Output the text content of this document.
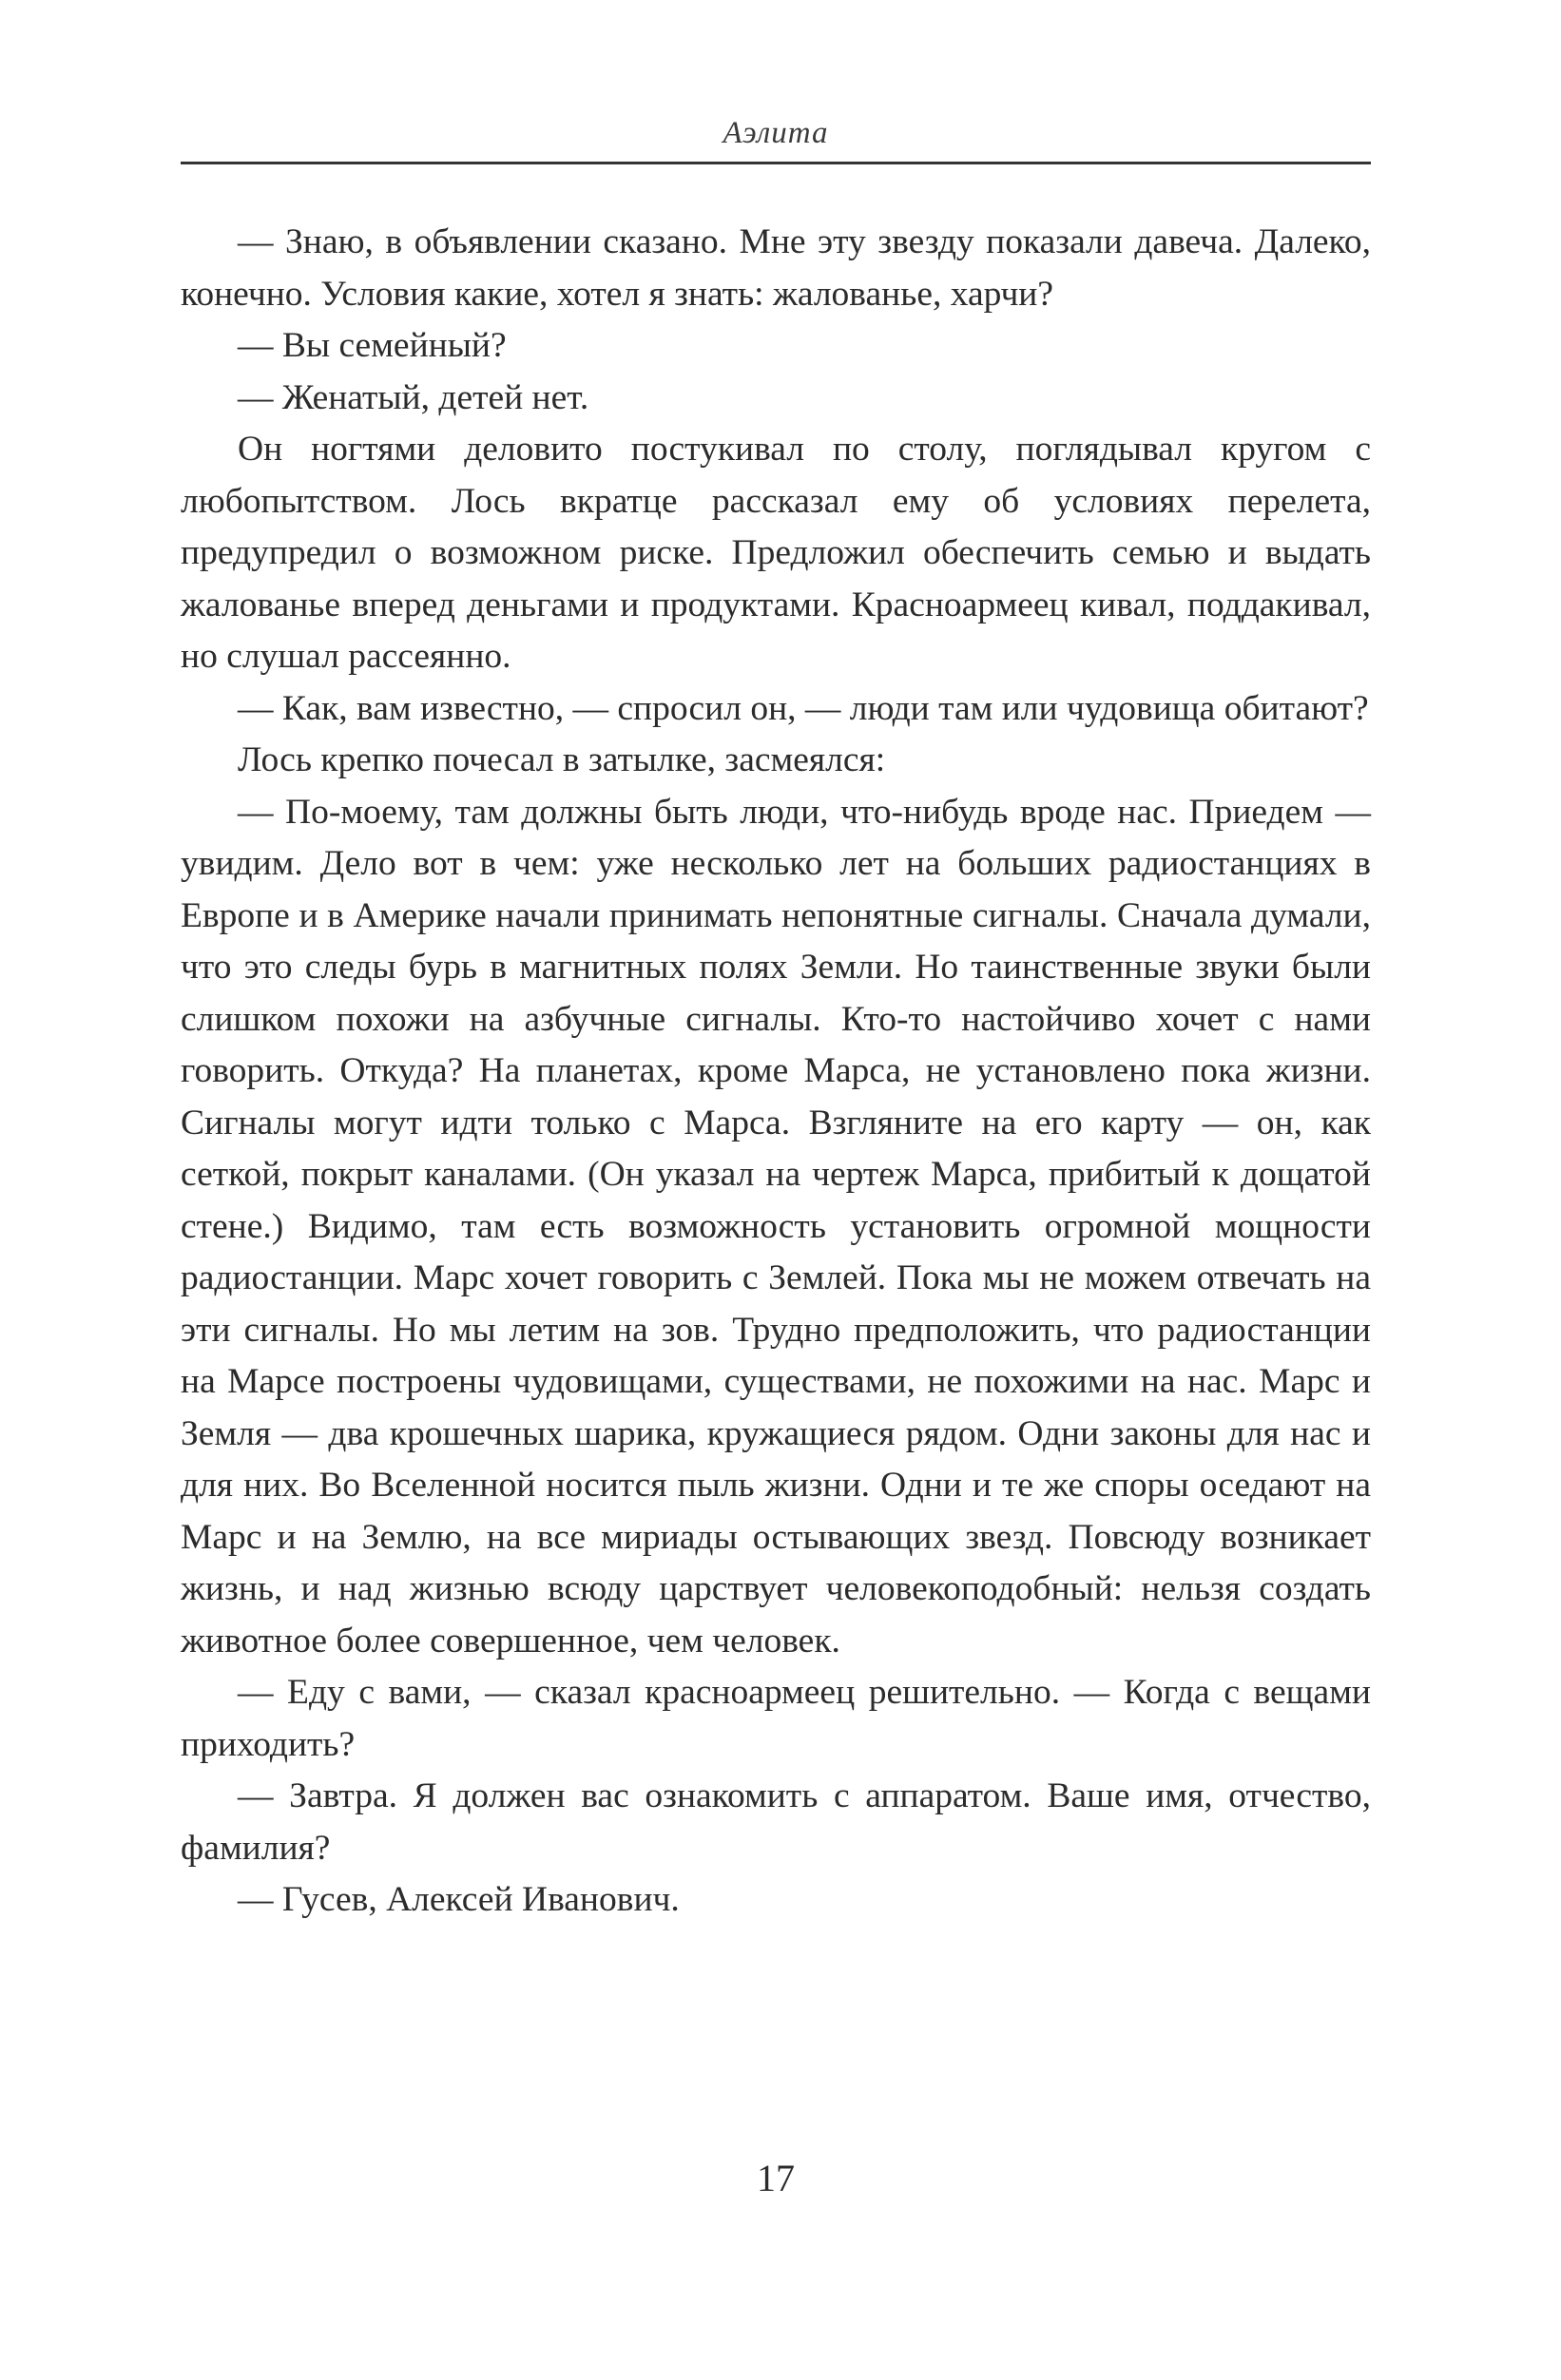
Аэлита

— Знаю, в объявлении сказано. Мне эту звезду показали давеча. Далеко, конечно. Условия какие, хотел я знать: жалованье, харчи?

— Вы семейный?

— Женатый, детей нет.

Он ногтями деловито постукивал по столу, поглядывал кругом с любопытством. Лось вкратце рассказал ему об условиях перелета, предупредил о возможном риске. Предложил обеспечить семью и выдать жалованье вперед деньгами и продуктами. Красноармеец кивал, поддакивал, но слушал рассеянно.

— Как, вам известно, — спросил он, — люди там или чудовища обитают?

Лось крепко почесал в затылке, засмеялся:

— По-моему, там должны быть люди, что-нибудь вроде нас. Приедем — увидим. Дело вот в чем: уже несколько лет на больших радиостанциях в Европе и в Америке начали принимать непонятные сигналы. Сначала думали, что это следы бурь в магнитных полях Земли. Но таинственные звуки были слишком похожи на азбучные сигналы. Кто-то настойчиво хочет с нами говорить. Откуда? На планетах, кроме Марса, не установлено пока жизни. Сигналы могут идти только с Марса. Взгляните на его карту — он, как сеткой, покрыт каналами. (Он указал на чертеж Марса, прибитый к дощатой стене.) Видимо, там есть возможность установить огромной мощности радиостанции. Марс хочет говорить с Землей. Пока мы не можем отвечать на эти сигналы. Но мы летим на зов. Трудно предположить, что радиостанции на Марсе построены чудовищами, существами, не похожими на нас. Марс и Земля — два крошечных шарика, кружащиеся рядом. Одни законы для нас и для них. Во Вселенной носится пыль жизни. Одни и те же споры оседают на Марс и на Землю, на все мириады остывающих звезд. Повсюду возникает жизнь, и над жизнью всюду царствует человекоподобный: нельзя создать животное более совершенное, чем человек.

— Еду с вами, — сказал красноармеец решительно. — Когда с вещами приходить?

— Завтра. Я должен вас ознакомить с аппаратом. Ваше имя, отчество, фамилия?

— Гусев, Алексей Иванович.

17
